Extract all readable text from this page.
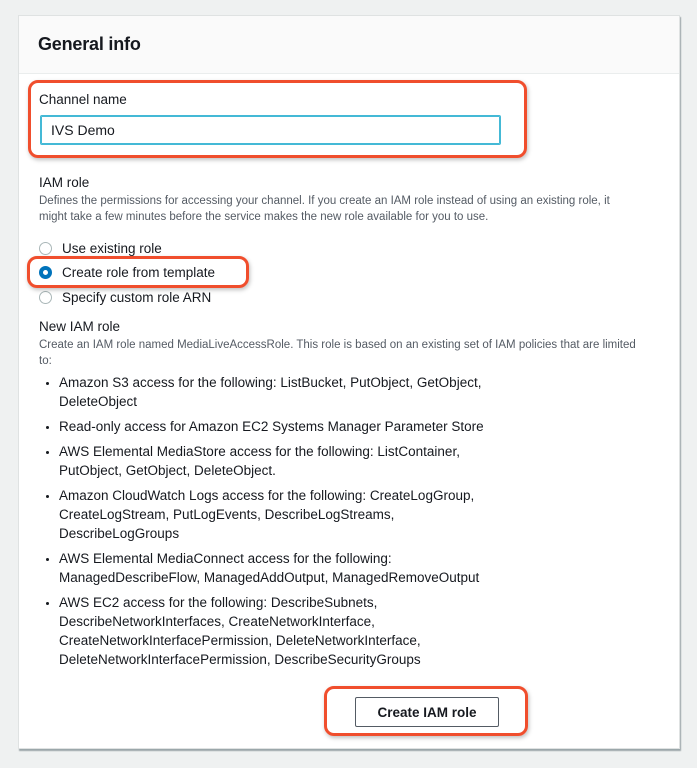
General info
Channel name
IVS Demo
IAM role
Defines the permissions for accessing your channel. If you create an IAM role instead of using an existing role, it
might take a few minutes before the service makes the new role available for you to use.
Use existing role
Create role from template
Specify custom role ARN
New IAM role
Create an IAM role named MediaLiveAccessRole. This role is based on an existing set of IAM policies that are limited
to:
• Amazon S3 access for the following: ListBucket, PutObject, GetObject,
DeleteObject
• Read-only access for Amazon EC2 Systems Manager Parameter Store
• AWS Elemental MediaStore access for the following: ListContainer,
PutObject, GetObject, DeleteObject.
• Amazon CloudWatch Logs access for the following: CreateLogGroup,
CreateLogStream, PutLogEvents, DescribeLogStreams,
DescribeLogGroups
• AWS Elemental MediaConnect access for the following:
ManagedDescribeFlow, ManagedAddOutput, ManagedRemoveOutput
• AWS EC2 access for the following: DescribeSubnets,
DescribeNetworkInterfaces, CreateNetworkInterface,
CreateNetworkInterfacePermission, DeleteNetworkInterface,
DeleteNetworkInterfacePermission, DescribeSecurityGroups
Create IAM role
